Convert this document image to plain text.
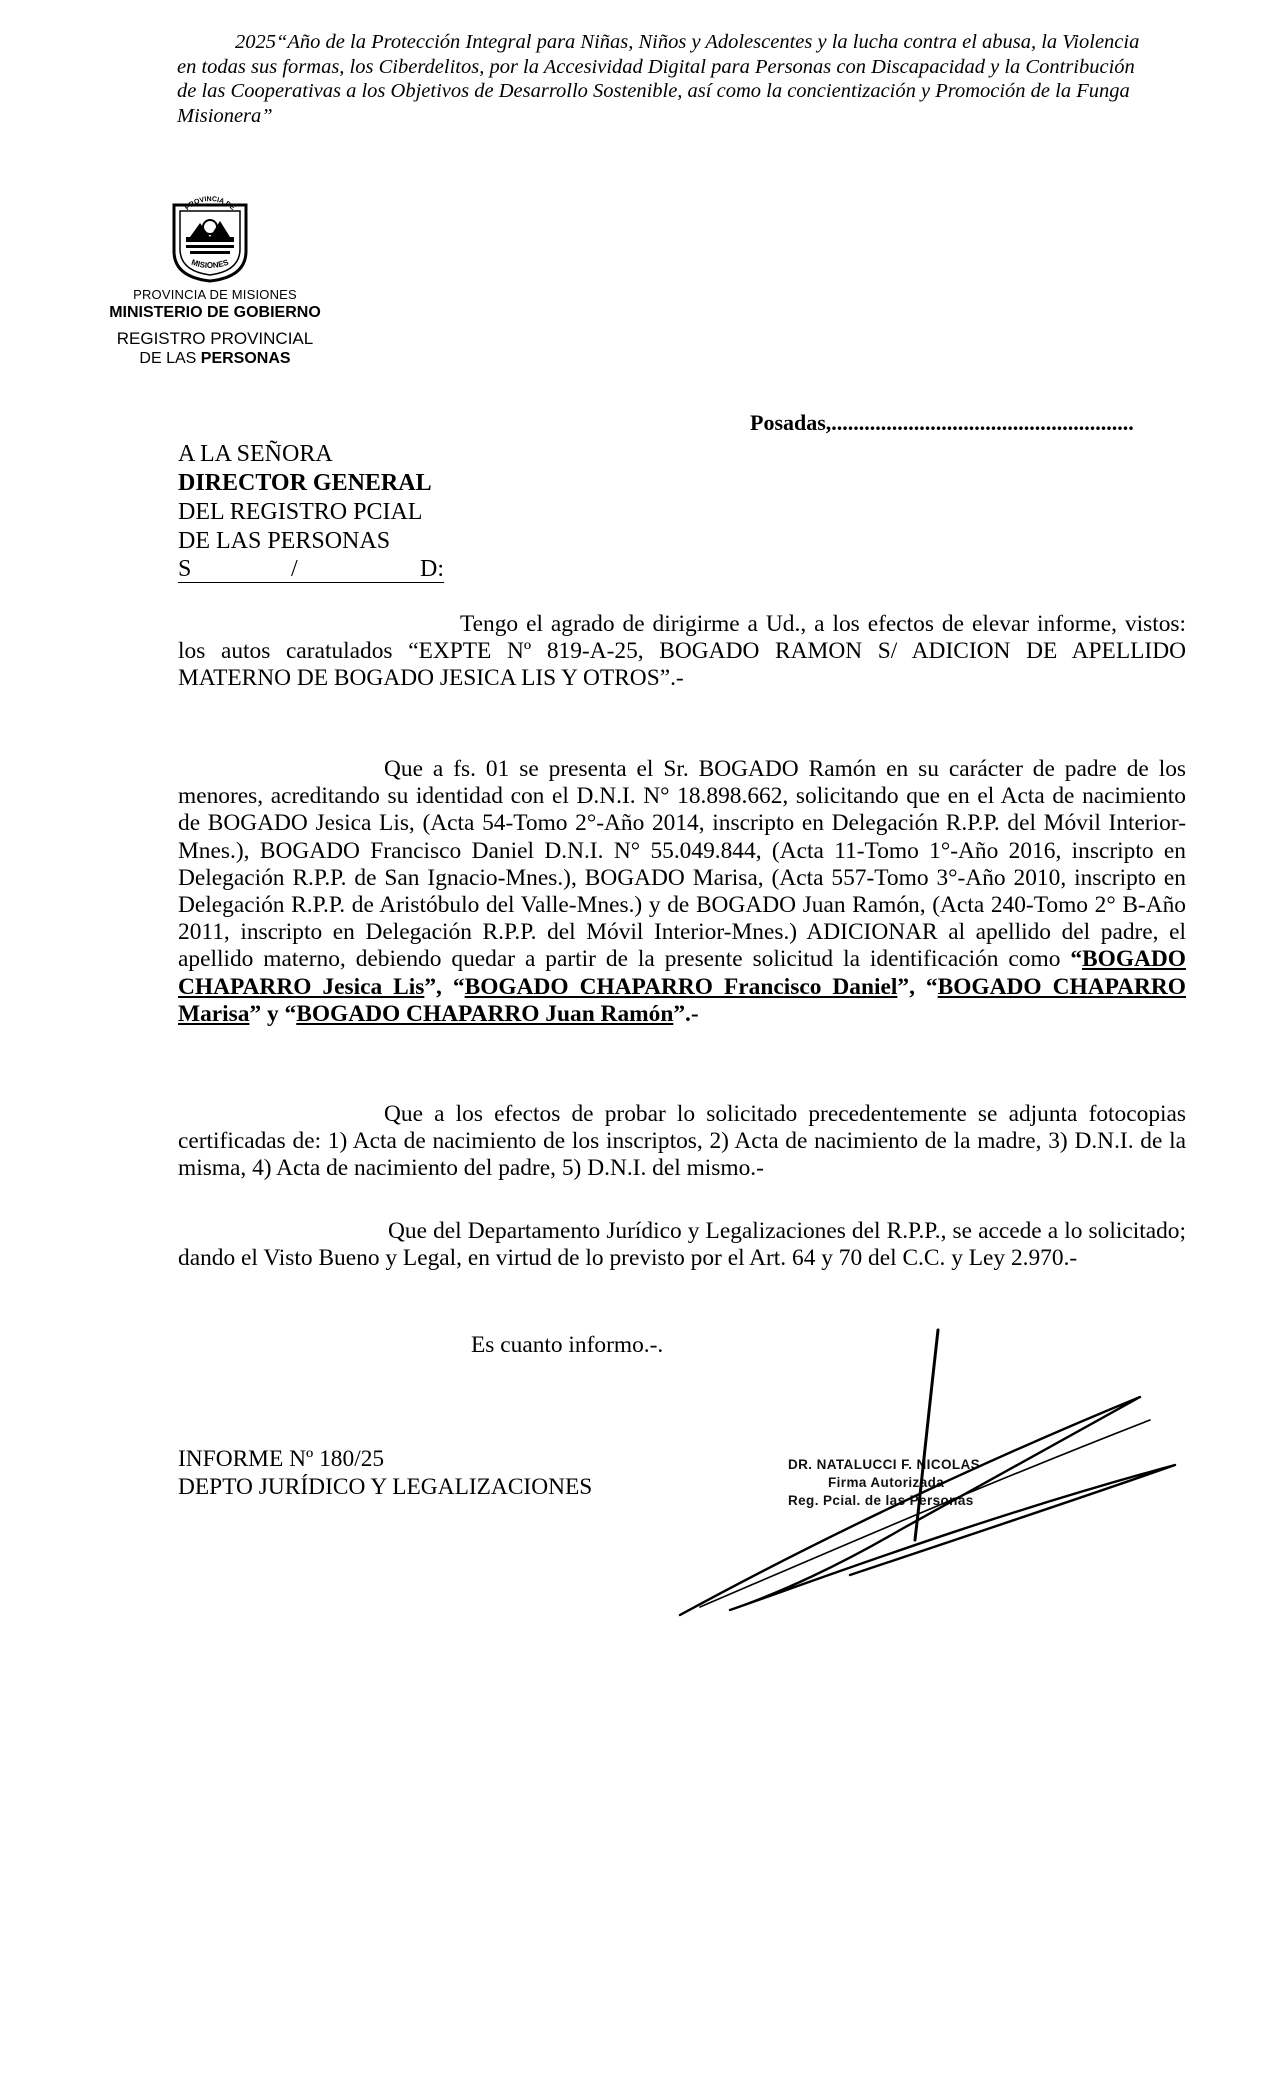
2025“Año de la Protección Integral para Niñas, Niños y Adolescentes y la lucha contra el abusa, la Violencia
en todas sus formas, los Ciberdelitos, por la Accesividad Digital para Personas con Discapacidad y la Contribución
de las Cooperativas a los Objetivos de Desarrollo Sostenible, así como la concientización y Promoción de la Funga
Misionera”
PROVINCIA DE
MISIONES
PROVINCIA DE MISIONES
MINISTERIO DE GOBIERNO
REGISTRO PROVINCIAL
DE LAS PERSONAS
Posadas,.......................................................
A LA SEÑORA
DIRECTOR GENERAL
DEL REGISTRO PCIAL
DE LAS PERSONAS
S	/	D:
Tengo el agrado de dirigirme a Ud., a los efectos de elevar informe, vistos: los autos caratulados “EXPTE Nº 819-A-25, BOGADO RAMON S/ ADICION DE APELLIDO MATERNO DE BOGADO JESICA LIS Y OTROS”.-
Que a fs. 01 se presenta el Sr. BOGADO Ramón en su carácter de padre de los menores, acreditando su identidad con el D.N.I. N° 18.898.662, solicitando que en el Acta de nacimiento de BOGADO Jesica Lis, (Acta 54-Tomo 2°-Año 2014, inscripto en Delegación R.P.P. del Móvil Interior-Mnes.), BOGADO Francisco Daniel D.N.I. N° 55.049.844, (Acta 11-Tomo 1°-Año 2016, inscripto en Delegación R.P.P. de San Ignacio-Mnes.), BOGADO Marisa, (Acta 557-Tomo 3°-Año 2010, inscripto en Delegación R.P.P. de Aristóbulo del Valle-Mnes.) y de BOGADO Juan Ramón, (Acta 240-Tomo 2° B-Año 2011, inscripto en Delegación R.P.P. del Móvil Interior-Mnes.) ADICIONAR al apellido del padre, el apellido materno, debiendo quedar a partir de la presente solicitud la identificación como “BOGADO CHAPARRO Jesica Lis”, “BOGADO CHAPARRO Francisco Daniel”, “BOGADO CHAPARRO Marisa” y “BOGADO CHAPARRO Juan Ramón”.-
Que a los efectos de probar lo solicitado precedentemente se adjunta fotocopias certificadas de: 1) Acta de nacimiento de los inscriptos, 2) Acta de nacimiento de la madre, 3) D.N.I. de la misma, 4) Acta de nacimiento del padre, 5) D.N.I. del mismo.-
Que del Departamento Jurídico y Legalizaciones del R.P.P., se accede a lo solicitado; dando el Visto Bueno y Legal, en virtud de lo previsto por el Art. 64 y 70 del C.C. y Ley 2.970.-
Es cuanto informo.-.
INFORME Nº 180/25
DEPTO JURÍDICO Y LEGALIZACIONES
DR. NATALUCCI F. NICOLAS
Firma Autorizada
Reg. Pcial. de las Personas
